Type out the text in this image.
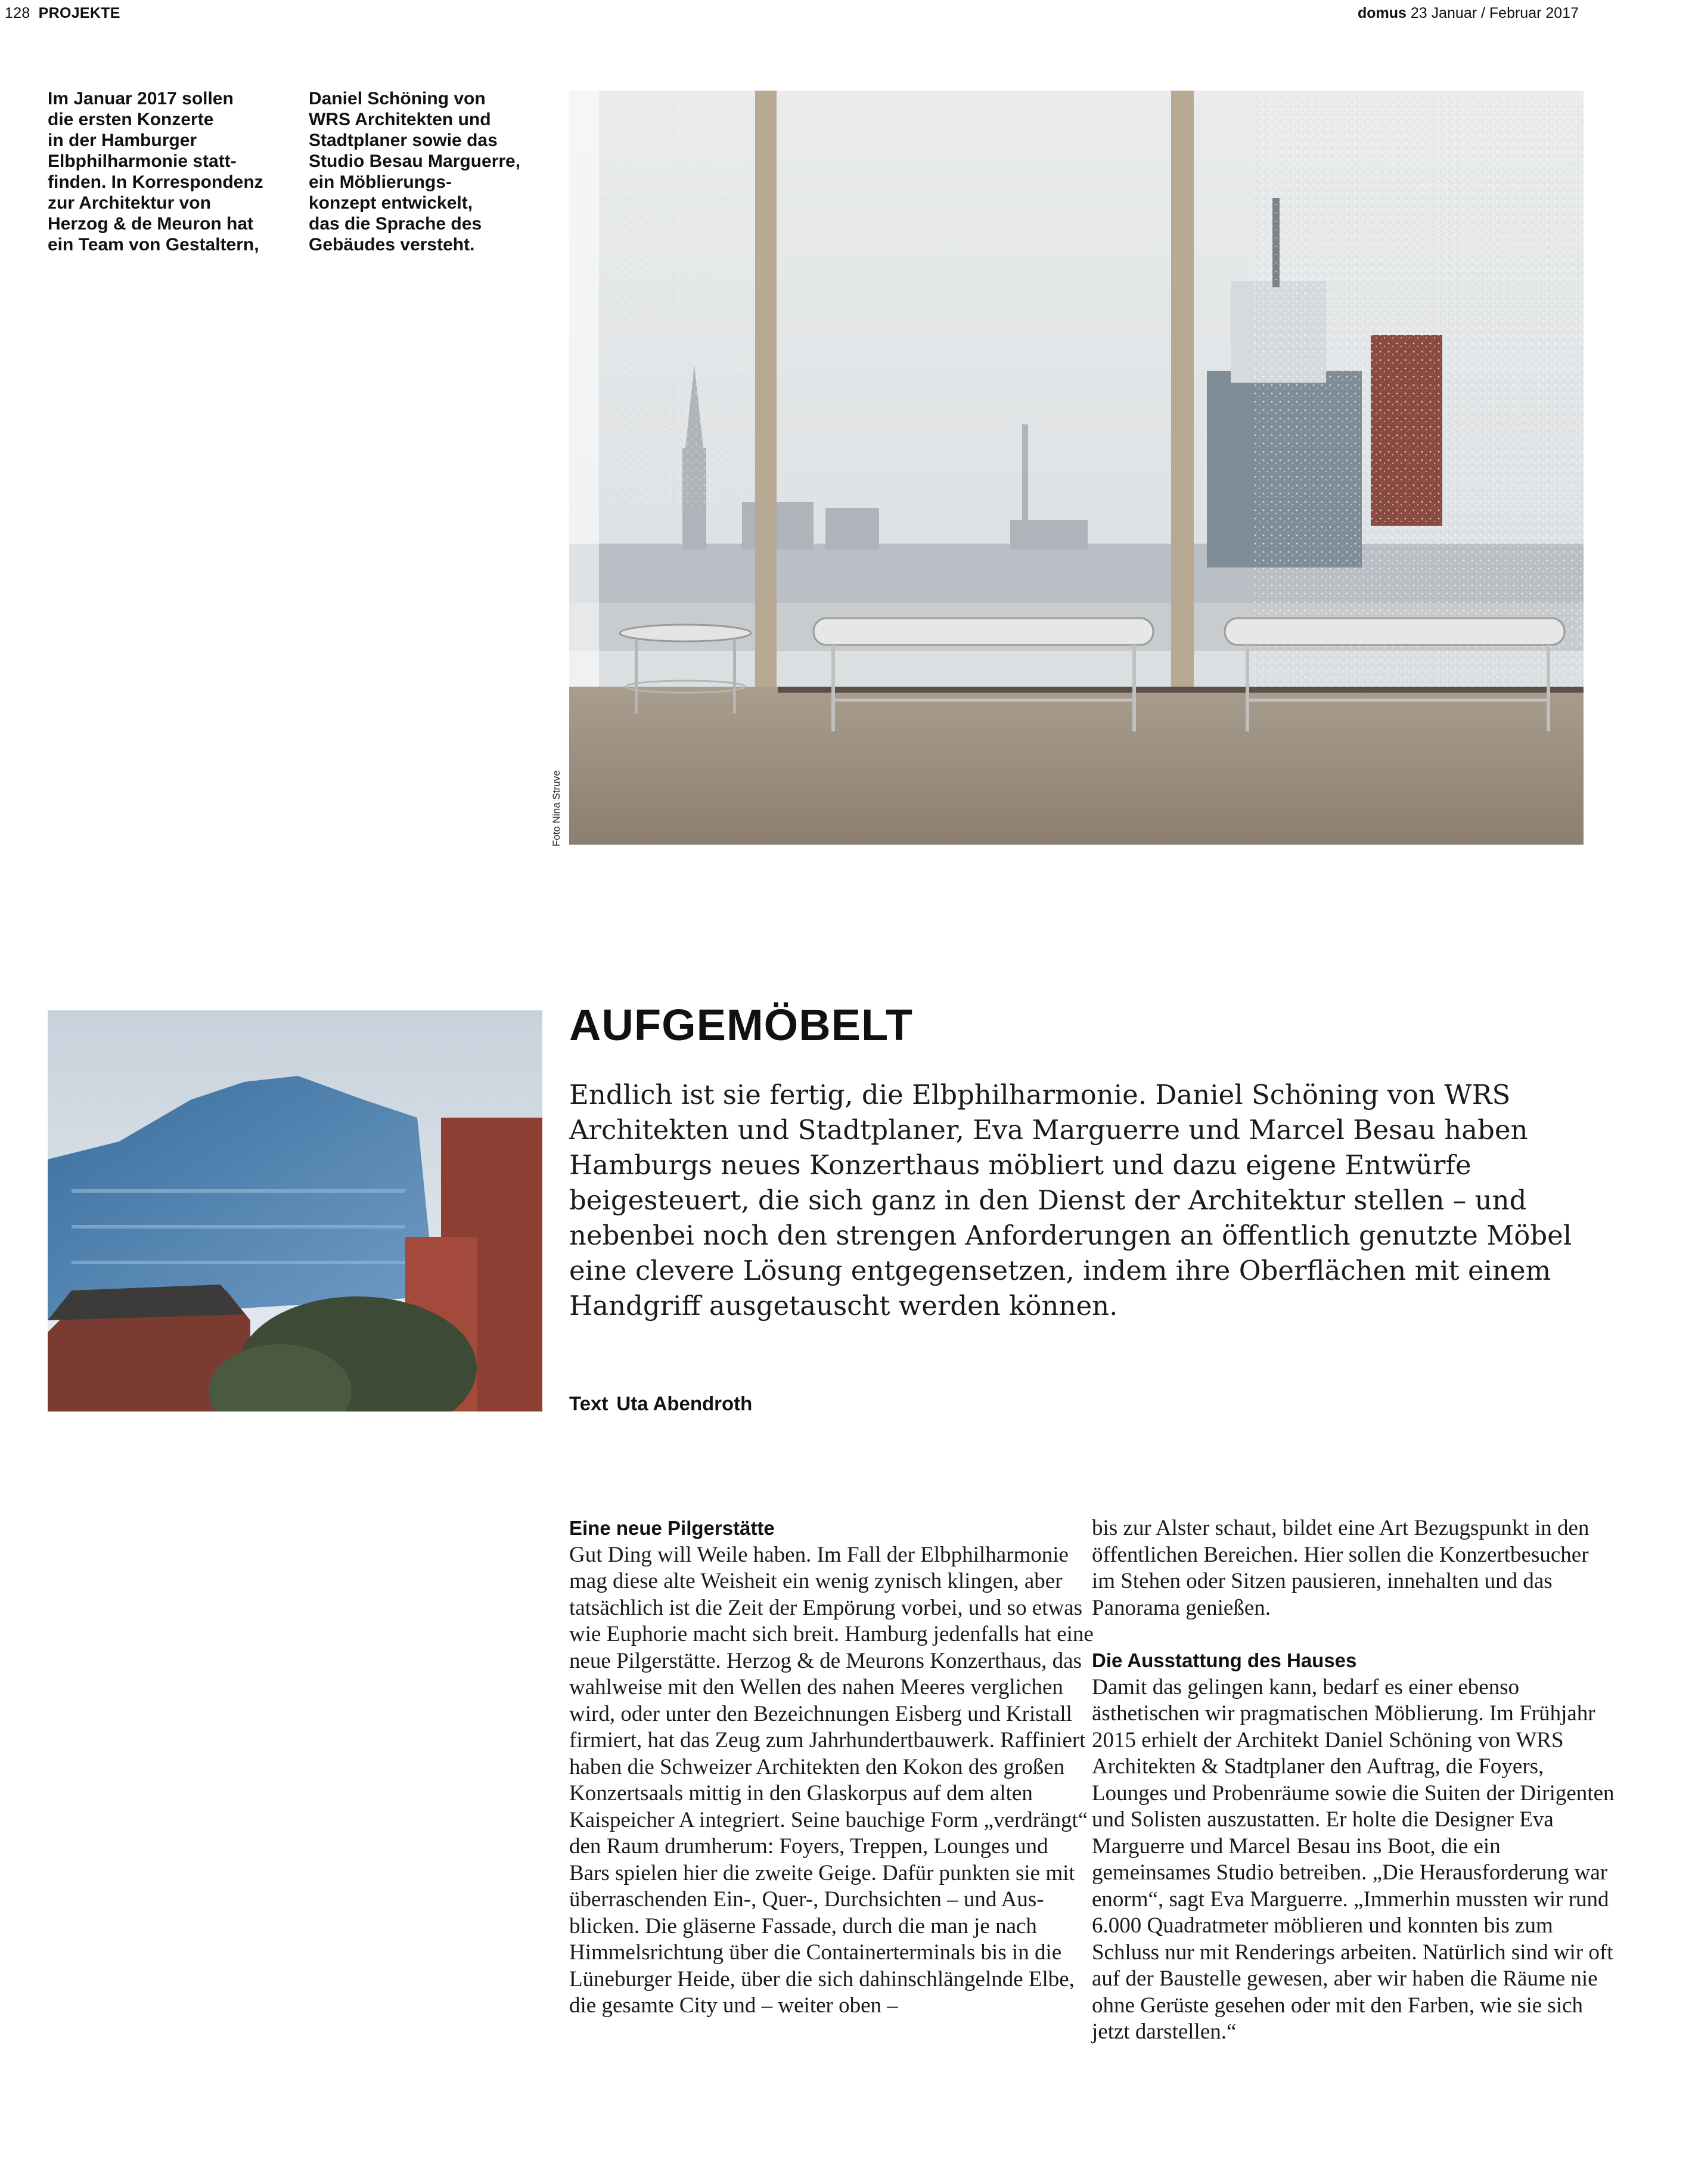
128 PROJEKTE	domus 23 Januar / Februar 2017

Im Januar 2017 sollen
die ersten Konzerte
in der Hamburger
Elbphilharmonie statt-
finden. In Korrespondenz
zur Architektur von
Herzog & de Meuron hat
ein Team von Gestaltern,

Daniel Schöning von
WRS Architekten und
Stadtplaner sowie das
Studio Besau Marguerre,
ein Möblierungs-
konzept entwickelt,
das die Sprache des
Gebäudes versteht.

Foto Nina Struve
AUFGEMÖBELT

Endlich ist sie fertig, die Elbphilharmonie. Daniel Schöning von WRS Architekten und Stadtplaner, Eva Marguerre und Marcel Besau haben Hamburgs neues Konzerthaus möbliert und dazu eigene Entwürfe beigesteuert, die sich ganz in den Dienst der Architektur stellen – und nebenbei noch den strengen Anforderungen an öffentlich genutzte Möbel eine clevere Lösung entgegensetzen, indem ihre Oberflächen mit einem Handgriff ausgetauscht werden können.

Text Uta Abendroth
Eine neue Pilgerstätte

Gut Ding will Weile haben. Im Fall der Elbphilharmonie mag diese alte Weisheit ein wenig zynisch klingen, aber tatsächlich ist die Zeit der Empörung vorbei, und so etwas wie Euphorie macht sich breit. Hamburg jedenfalls hat eine neue Pilgerstätte. Herzog & de Meurons Konzerthaus, das wahlweise mit den Wellen des nahen Meeres verglichen wird, oder unter den Bezeichnungen Eisberg und Kristall firmiert, hat das Zeug zum Jahrhundertbauwerk. Raffiniert haben die Schweizer Architekten den Kokon des großen Konzertsaals mittig in den Glaskorpus auf dem alten Kaispeicher A integriert. Seine bauchige Form „verdrängt“ den Raum drumherum: Foyers, Treppen, Lounges und Bars spielen hier die zweite Geige. Dafür punkten sie mit überraschenden Ein-, Quer-, Durchsichten – und Ausblicken. Die gläserne Fassade, durch die man je nach Himmelsrichtung über die Containerterminals bis in die Lüneburger Heide, über die sich dahinschlängelnde Elbe, die gesamte City und – weiter oben –

bis zur Alster schaut, bildet eine Art Bezugspunkt in den öffentlichen Bereichen. Hier sollen die Konzertbesucher im Stehen oder Sitzen pausieren, innehalten und das Panorama genießen.

Die Ausstattung des Hauses

Damit das gelingen kann, bedarf es einer ebenso ästhetischen wir pragmatischen Möblierung. Im Frühjahr 2015 erhielt der Architekt Daniel Schöning von WRS Architekten & Stadtplaner den Auftrag, die Foyers, Lounges und Probenräume sowie die Suiten der Dirigenten und Solisten auszustatten. Er holte die Designer Eva Marguerre und Marcel Besau ins Boot, die ein gemeinsames Studio betreiben. „Die Herausforderung war enorm“, sagt Eva Marguerre. „Immerhin mussten wir rund 6.000 Quadratmeter möblieren und konnten bis zum Schluss nur mit Renderings arbeiten. Natürlich sind wir oft auf der Baustelle gewesen, aber wir haben die Räume nie ohne Gerüste gesehen oder mit den Farben, wie sie sich jetzt darstellen.“
